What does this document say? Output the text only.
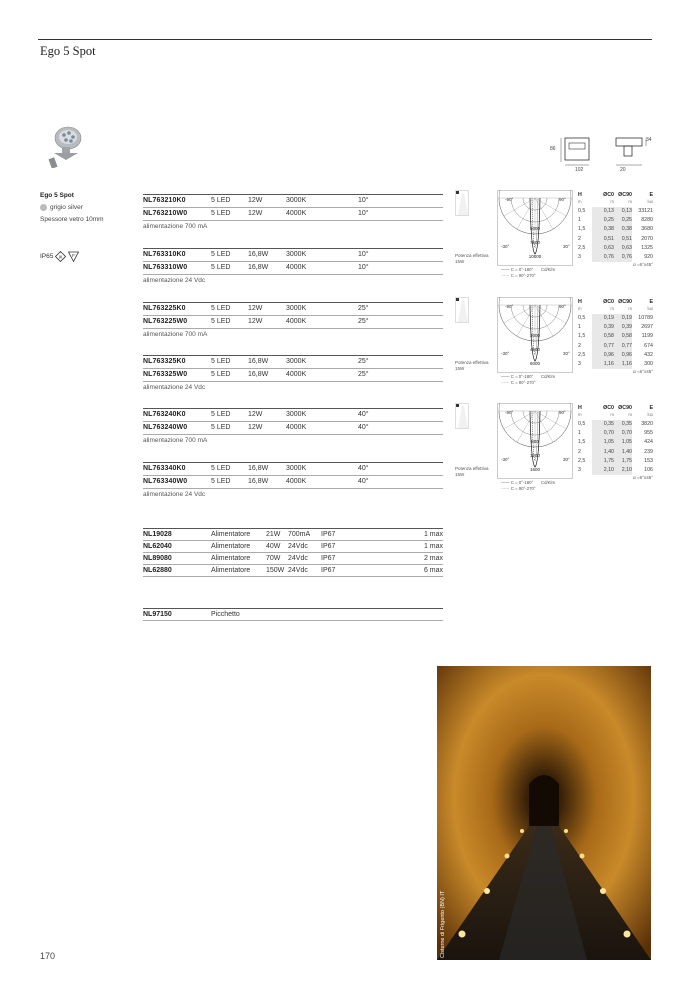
Ego 5 Spot
86
102
34
20
Ego 5 Spot
grigio silver
Spessore vetro 10mm
IP65 III F
NL763210K0	5 LED	12W	3000K	10°
NL763210W0	5 LED	12W	4000K	10°
alimentazione 700 mA
NL763310K0	5 LED	16,8W	3000K	10°
NL763310W0	5 LED	16,8W	4000K	10°
alimentazione 24 Vdc
NL763225K0	5 LED	12W	3000K	25°
NL763225W0	5 LED	12W	4000K	25°
alimentazione 700 mA
NL763325K0	5 LED	16,8W	3000K	25°
NL763325W0	5 LED	16,8W	4000K	25°
alimentazione 24 Vdc
NL763240K0	5 LED	12W	3000K	40°
NL763240W0	5 LED	12W	4000K	40°
alimentazione 700 mA
NL763340K0	5 LED	16,8W	3000K	40°
NL763340W0	5 LED	16,8W	4000K	40°
alimentazione 24 Vdc
-90°	90°
-30°	30°
5000
7500
10000
Potenza effettiva
15W
—— C = 0°-180°
······ C = 90°-270°
Cd/Klm
H	ØC0 ØC90	E
m	m	m	lux
0,5	0,13	0,13	33121
1	0,25	0,25	8280
1,5	0,38	0,38	3680
2	0,51	0,51	2070
2,5	0,63	0,63	1325
3	0,76	0,76	920
α =6°x45°
-90°	90°
-30°	30°
3000
4500
6000
Potenza effettiva
15W
—— C = 0°-180°
······ C = 90°-270°
Cd/Klm
H	ØC0 ØC90	E
m	m	m	lux
0,5	0,19	0,19	10789
1	0,39	0,39	2697
1,5	0,58	0,58	1199
2	0,77	0,77	674
2,5	0,96	0,96	432
3	1,16	1,16	300
α =6°x45°
-90°	90°
-30°	30°
800
1200
1600
Potenza effettiva
15W
—— C = 0°-180°
······ C = 90°-270°
Cd/Klm
H	ØC0 ØC90	E
m	m	m	lux
0,5	0,35	0,35	3820
1	0,70	0,70	955
1,5	1,05	1,05	424
2	1,40	1,40	239
2,5	1,75	1,75	153
3	2,10	2,10	106
α =6°x45°
NL19028	Alimentatore	21W	700mA	IP67	1 max
NL62040	Alimentatore	40W	24Vdc	IP67	1 max
NL89080	Alimentatore	70W	24Vdc	IP67	2 max
NL62880	Alimentatore	150W 24Vdc	IP67	6 max
NL97150	Picchetto
Cisterne di Frigento (BN) IT
170
